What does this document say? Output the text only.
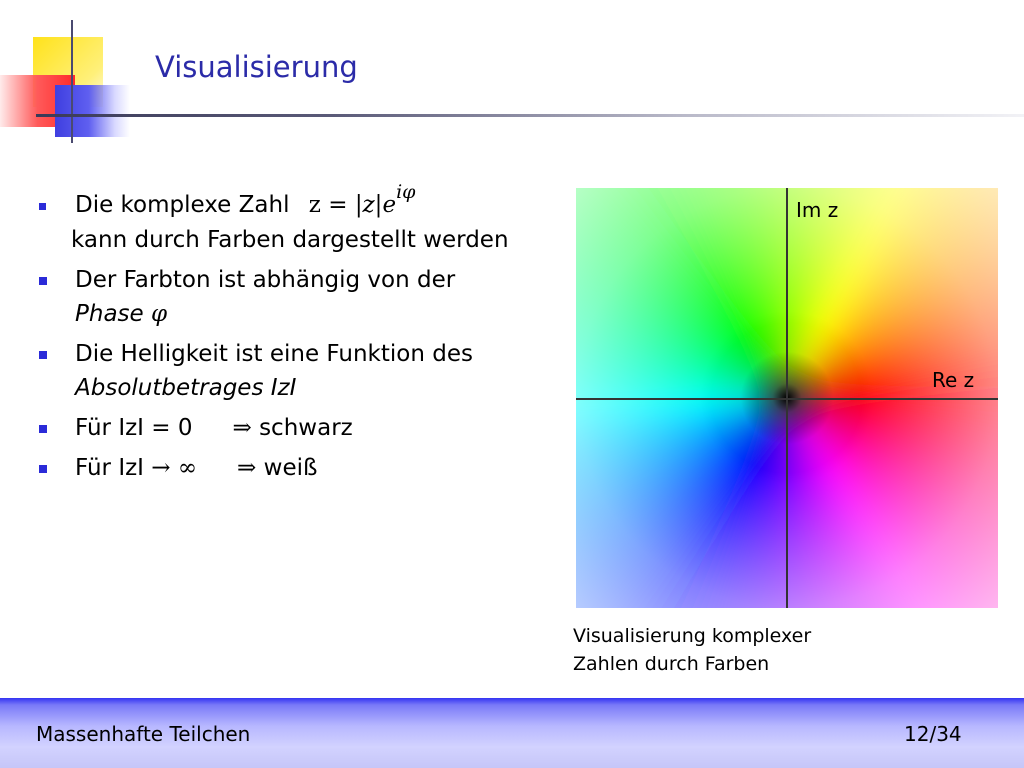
Visualisierung
Die komplexe Zahl $z = |z|e^{i\varphi}$
kann durch Farben dargestellt werden
Der Farbton ist abhängig von der
Phase φ
Die Helligkeit ist eine Funktion des
Absolutbetrages IzI
Für IzI = 0 ⇒ schwarz
Für IzI → ∞ ⇒ weiß
Im z
Re z
Visualisierung komplexer
Zahlen durch Farben
Massenhafte Teilchen	12/34
